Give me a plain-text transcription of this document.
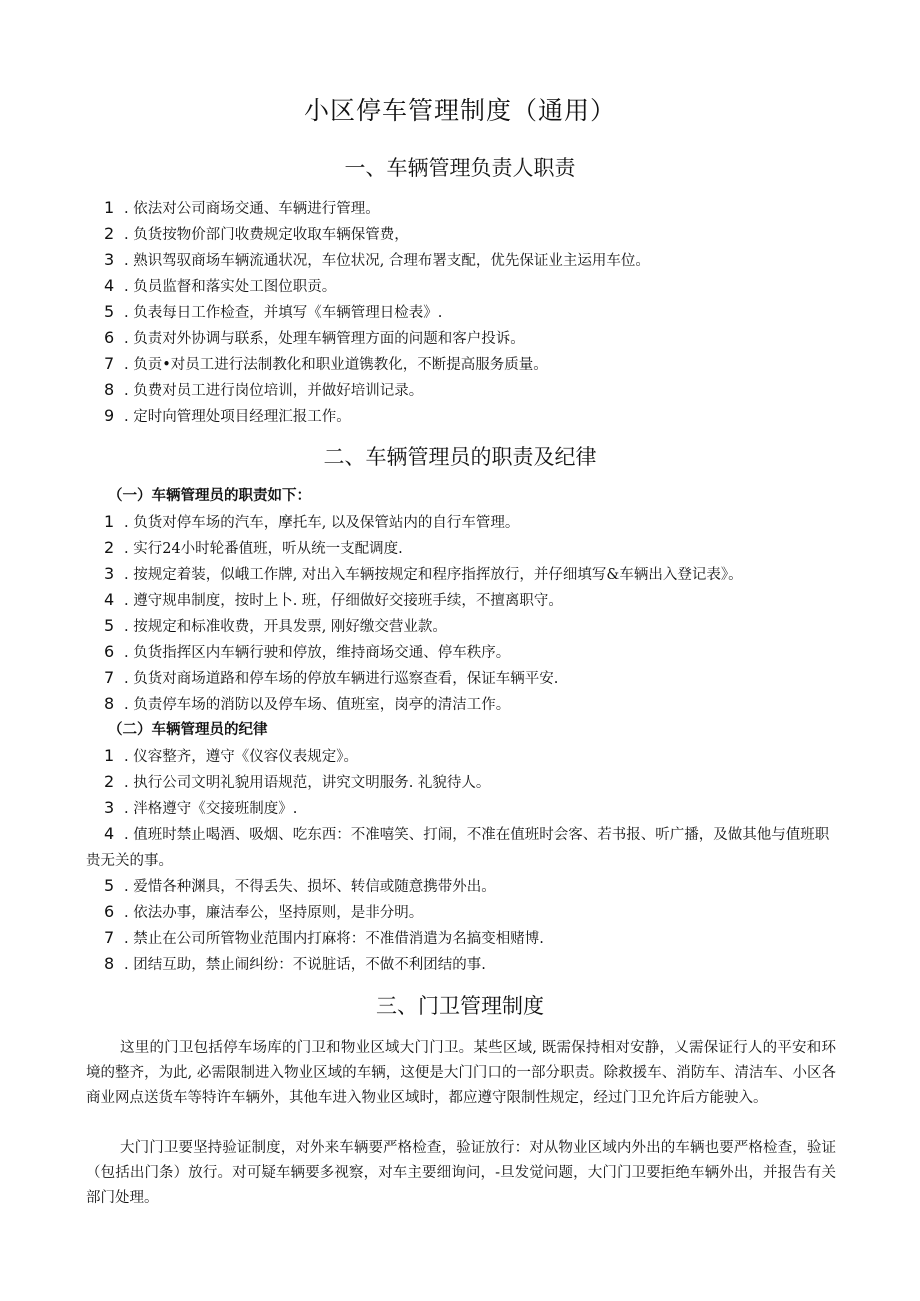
小区停车管理制度（通用）
一、车辆管理负责人职责
1 . 依法对公司商场交通、车辆进行管理。
2 . 负货按物价部门收费规定收取车辆保管费，
3 . 熟识驾驭商场车辆流通状况，车位状况, 合理布署支配，优先保证业主运用车位。
4 . 负员监督和落实处工图位职贡。
5 . 负表每日工作检查，并填写《车辆管理日检表》.
6 . 负责对外协调与联系，处理车辆管理方面的问题和客户投诉。
7 . 负贡•对员工进行法制教化和职业道镌教化，不断提高服务质量。
8 . 负费对员工进行岗位培训，并做好培训记录。
9 . 定时向管理处项目经理汇报工作。
二、车辆管理员的职责及纪律
（一）车辆管理员的职责如下：
1 . 负货对停车场的汽车，摩托车, 以及保管站内的自行车管理。
2 . 实行24小时轮番值班，听从统一支配调度.
3 . 按规定着装，似峨工作牌, 对出入车辆按规定和程序指挥放行，并仔细填写&车辆出入登记表》。
4 . 遵守规串制度，按时上卜. 班，仔细做好交接班手续，不擅离职守。
5 . 按规定和标准收费，开具发票, 刚好缴交营业款。
6 . 负货指挥区内车辆行驶和停放，维持商场交通、停车秩序。
7 . 负货对商场道路和停车场的停放车辆进行巡察查看，保证车辆平安.
8 . 负责停车场的消防以及停车场、值班室，岗亭的清洁工作。
（二）车辆管理员的纪律
1 . 仪容整齐，遵守《仪容仪表规定》。
2 . 执行公司文明礼貌用语规范，讲究文明服务. 礼貌待人。
3 . 泮格遵守《交接班制度》.
4 . 值班时禁止喝酒、吸烟、吃东西：不准嘻笑、打闹，不准在值班时会客、若书报、听广播，及做其他与值班职贵无关的事。
5 . 爱惜各种渊具，不得丢失、损坏、转信或随意携带外出。
6 . 依法办事，廉洁奉公，坚持原则，是非分明。
7 . 禁止在公司所管物业范围内打麻将：不准借消遣为名搞变相赌博.
8 . 团结互助，禁止闹纠纷：不说脏话，不做不利团结的事.
三、门卫管理制度
这里的门卫包括停车场库的门卫和物业区域大门门卫。某些区域, 既需保持相对安静，乂需保证行人的平安和环境的整齐，为此, 必需限制进入物业区域的车辆，这便是大门门口的一部分职责。除救援车、消防车、清洁车、小区各商业网点送货车等特许车辆外，其他车进入物业区域时，都应遵守限制性规定，经过门卫允许后方能驶入。
大门门卫要坚持验证制度，对外来车辆要严格检查，验证放行：对从物业区域内外出的车辆也要严格检查，验证（包括出门条）放行。对可疑车辆要多视察，对车主要细询问，-旦发觉问题，大门门卫要拒绝车辆外出，并报告有关部门处理。
